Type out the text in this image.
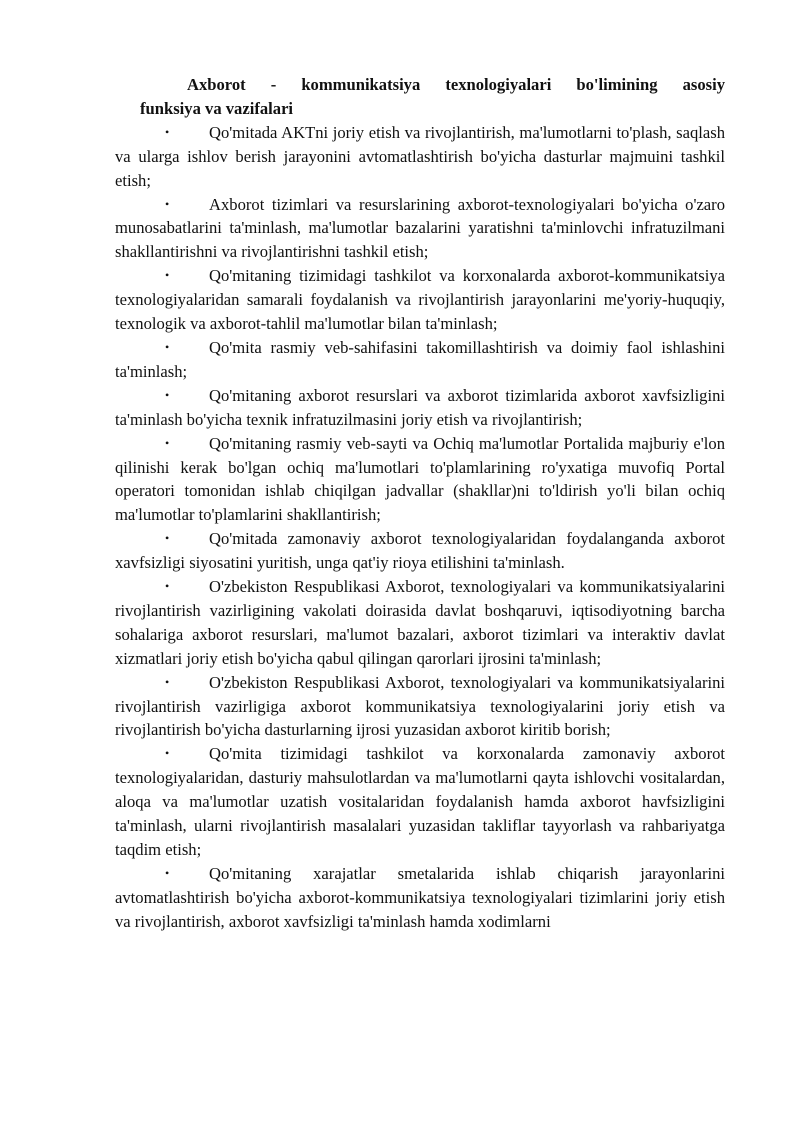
Axborot - kommunikatsiya texnologiyalari bo'limining asosiy
funksiya va vazifalari

• Qo'mitada AKTni joriy etish va rivojlantirish, ma'lumotlarni to'plash, saqlash va ularga ishlov berish jarayonini avtomatlashtirish bo'yicha dasturlar majmuini tashkil etish;

• Axborot tizimlari va resurslarining axborot-texnologiyalari bo'yicha o'zaro munosabatlarini ta'minlash, ma'lumotlar bazalarini yaratishni ta'minlovchi infratuzilmani shakllantirishni va rivojlantirishni tashkil etish;

• Qo'mitaning tizimidagi tashkilot va korxonalarda axborot-kommunikatsiya texnologiyalaridan samarali foydalanish va rivojlantirish jarayonlarini me'yoriy-huquqiy, texnologik va axborot-tahlil ma'lumotlar bilan ta'minlash;

• Qo'mita rasmiy veb-sahifasini takomillashtirish va doimiy faol ishlashini ta'minlash;

• Qo'mitaning axborot resurslari va axborot tizimlarida axborot xavfsizligini ta'minlash bo'yicha texnik infratuzilmasini joriy etish va rivojlantirish;

• Qo'mitaning rasmiy veb-sayti va Ochiq ma'lumotlar Portalida majburiy e'lon qilinishi kerak bo'lgan ochiq ma'lumotlari to'plamlarining ro'yxatiga muvofiq Portal operatori tomonidan ishlab chiqilgan jadvallar (shakllar)ni to'ldirish yo'li bilan ochiq ma'lumotlar to'plamlarini shakllantirish;

• Qo'mitada zamonaviy axborot texnologiyalaridan foydalanganda axborot xavfsizligi siyosatini yuritish, unga qat'iy rioya etilishini ta'minlash.

• O'zbekiston Respublikasi Axborot, texnologiyalari va kommunikatsiyalarini rivojlantirish vazirligining vakolati doirasida davlat boshqaruvi, iqtisodiyotning barcha sohalariga axborot resurslari, ma'lumot bazalari, axborot tizimlari va interaktiv davlat xizmatlari joriy etish bo'yicha qabul qilingan qarorlari ijrosini ta'minlash;

• O'zbekiston Respublikasi Axborot, texnologiyalari va kommunikatsiyalarini rivojlantirish vazirligiga axborot kommunikatsiya texnologiyalarini joriy etish va rivojlantirish bo'yicha dasturlarning ijrosi yuzasidan axborot kiritib borish;

• Qo'mita tizimidagi tashkilot va korxonalarda zamonaviy axborot texnologiyalaridan, dasturiy mahsulotlardan va ma'lumotlarni qayta ishlovchi vositalardan, aloqa va ma'lumotlar uzatish vositalaridan foydalanish hamda axborot havfsizligini ta'minlash, ularni rivojlantirish masalalari yuzasidan takliflar tayyorlash va rahbariyatga taqdim etish;

• Qo'mitaning xarajatlar smetalarida ishlab chiqarish jarayonlarini avtomatlashtirish bo'yicha axborot-kommunikatsiya texnologiyalari tizimlarini joriy etish va rivojlantirish, axborot xavfsizligi ta'minlash hamda xodimlarni
